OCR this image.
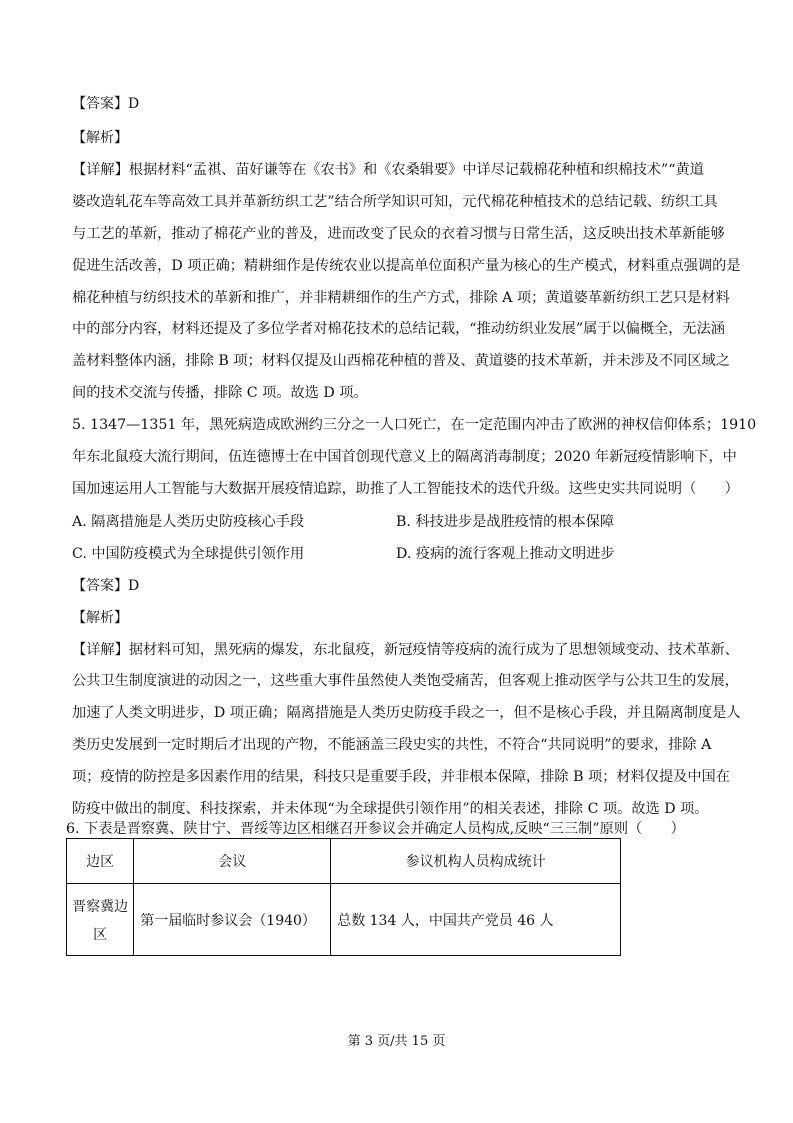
【答案】D
【解析】
【详解】根据材料“孟祺、苗好谦等在《农书》和《农桑辑要》中详尽记载棉花种植和织棉技术”“黄道
婆改造轧花车等高效工具并革新纺织工艺”结合所学知识可知，元代棉花种植技术的总结记载、纺织工具
与工艺的革新，推动了棉花产业的普及，进而改变了民众的衣着习惯与日常生活，这反映出技术革新能够
促进生活改善，D 项正确；精耕细作是传统农业以提高单位面积产量为核心的生产模式，材料重点强调的是
棉花种植与纺织技术的革新和推广，并非精耕细作的生产方式，排除 A 项；黄道婆革新纺织工艺只是材料
中的部分内容，材料还提及了多位学者对棉花技术的总结记载，“推动纺织业发展”属于以偏概全，无法涵
盖材料整体内涵，排除 B 项；材料仅提及山西棉花种植的普及、黄道婆的技术革新，并未涉及不同区域之
间的技术交流与传播，排除 C 项。故选 D 项。
5. 1347—1351 年，黑死病造成欧洲约三分之一人口死亡，在一定范围内冲击了欧洲的神权信仰体系；1910
年东北鼠疫大流行期间，伍连德博士在中国首创现代意义上的隔离消毒制度；2020 年新冠疫情影响下，中
国加速运用人工智能与大数据开展疫情追踪，助推了人工智能技术的迭代升级。这些史实共同说明（　　）
A. 隔离措施是人类历史防疫核心手段	B. 科技进步是战胜疫情的根本保障
C. 中国防疫模式为全球提供引领作用	D. 疫病的流行客观上推动文明进步
【答案】D
【解析】
【详解】据材料可知，黑死病的爆发，东北鼠疫，新冠疫情等疫病的流行成为了思想领域变动、技术革新、
公共卫生制度演进的动因之一，这些重大事件虽然使人类饱受痛苦，但客观上推动医学与公共卫生的发展，
加速了人类文明进步，D 项正确；隔离措施是人类历史防疫手段之一，但不是核心手段，并且隔离制度是人
类历史发展到一定时期后才出现的产物，不能涵盖三段史实的共性，不符合“共同说明”的要求，排除 A
项；疫情的防控是多因素作用的结果，科技只是重要手段，并非根本保障，排除 B 项；材料仅提及中国在
防疫中做出的制度、科技探索，并未体现“为全球提供引领作用”的相关表述，排除 C 项。故选 D 项。
6. 下表是晋察冀、陕甘宁、晋绥等边区相继召开参议会并确定人员构成,反映“三三制”原则（　　）
边区	会议	参议机构人员构成统计

晋察冀边
区	第一届临时参议会（1940）	总数 134 人，中国共产党员 46 人
第 3 页/共 15 页
